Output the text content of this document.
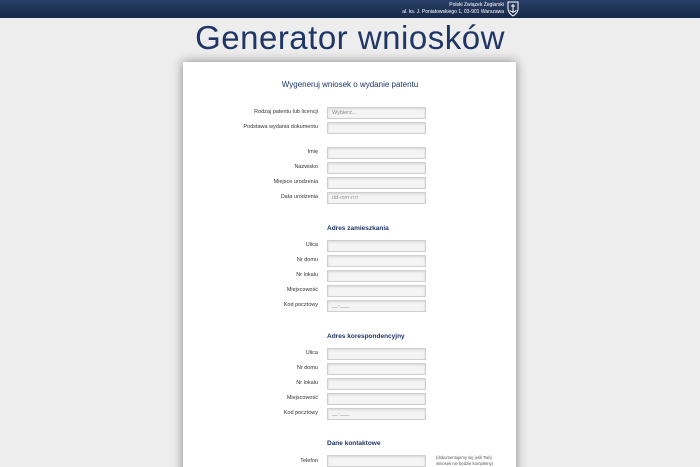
Polski Związek Żeglarski
al. ks. J. Poniatowskiego 1, 03-901 Warszawa
Generator wniosków
Wygeneruj wniosek o wydanie patentu
Rodzaj patentu lub licencji	Wybierz...
Podstawa wydania dokumentu
Imię
Nazwisko
Miejsce urodzenia
Data urodzenia	dd-mm-rrrr
Adres zamieszkania
Ulica
Nr domu
Nr lokalu
Miejscowość
Kod pocztowy	__-___
Adres korespondencyjny
Ulica
Nr domu
Nr lokalu
Miejscowość
Kod pocztowy	__-___
Dane kontaktowe
Telefon
(dokumentujemy się jeśli Twój wniosek nie będzie kompletny)
